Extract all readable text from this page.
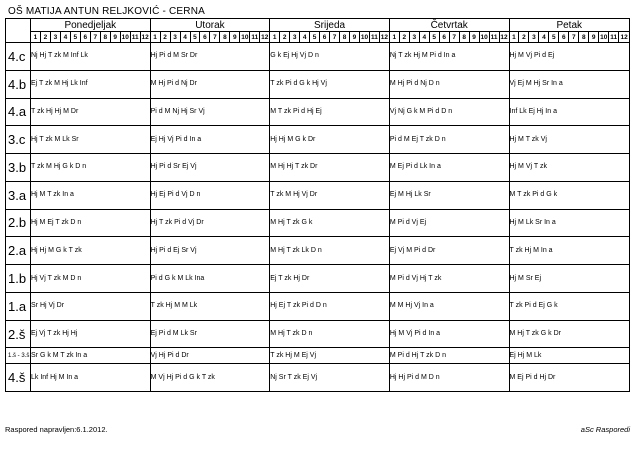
OŠ MATIJA ANTUN RELJKOVIĆ - CERNA
	Ponedjeljak												Utorak												Srijeda												Četvrtak												Petak											
	1	2	3	4	5	6	7	8	9	10	11	12	1	2	3	4	5	6	7	8	9	10	11	12	1	2	3	4	5	6	7	8	9	10	11	12	1	2	3	4	5	6	7	8	9	10	11	12	1	2	3	4	5	6	7	8	9	10	11	12
4.c	Nj Hj T zk M Inf Lk												Hj Pi d M Sr Dr												G k Ej Hj Vj D n												Nj T zk Hj M Pi d In a												Hj M Vj Pi d Ej											
4.b	Ej T zk M Hj Lk Inf												M Hj Pi d Nj Dr												T zk Pi d G k Hj Vj												M Hj Pi d Nj D n												Vj Ej M Hj Sr In a											
4.a	T zk Hj Hj M Dr												Pi d M Nj Hj Sr Vj												M T zk Pi d Hj Ej												Vj Nj G k M Pi d D n												Inf Lk Ej Hj In a											
3.c	Hj T zk M Lk Sr												Ej Hj Vj Pi d In a												Hj Hj M G k Dr												Pi d M Ej T zk D n												Hj M T zk Vj											
3.b	T zk M Hj G k D n												Hj Pi d Sr Ej Vj												M Hj Hj T zk Dr												M Ej Pi d Lk In a												Hj M Vj T zk											
3.a	Hj M T zk In a												Hj Ej Pi d Vj D n												T zk M Hj Vj Dr												Ej M Hj Lk Sr												M T zk Pi d G k											
2.b	Hj M Ej T zk D n												Hj T zk Pi d Vj Dr												M Hj T zk G k												M Pi d Vj Ej												Hj M Lk Sr In a											
2.a	Hj Hj M G k T zk												Hj Pi d Ej Sr Vj												M Hj T zk Lk D n												Ej Vj M Pi d Dr												T zk Hj M In a											
1.b	Hj Vj T zk M D n												Pi d G k M Lk Ina												Ej T zk Hj Dr												M Pi d Vj Hj T zk												Hj M Sr Ej											
1.a	Sr Hj Vj Dr												T zk Hj M M Lk												Hj Ej T zk Pi d D n												M M Hj Vj In a												T zk Pi d Ej G k											
2.š	Ej Vj T zk Hj Hj												Ej Pi d M Lk Sr												M Hj T zk D n												Hj M Vj Pi d In a												M Hj T zk G k Dr											
1.š - 3.š	Sr G k M T zk In a												Vj Hj Pi d Dr												T zk Hj M Ej Vj												M Pi d Hj T zk D n												Ej Hj M Lk											
4.š	Lk Inf Hj M In a												M Vj Hj Pi d G k T zk												Nj Sr T zk Ej Vj												Hj Hj Pi d M D n												M Ej Pi d Hj Dr											
Raspored napravljen:6.1.2012.	aSc Rasporedi
